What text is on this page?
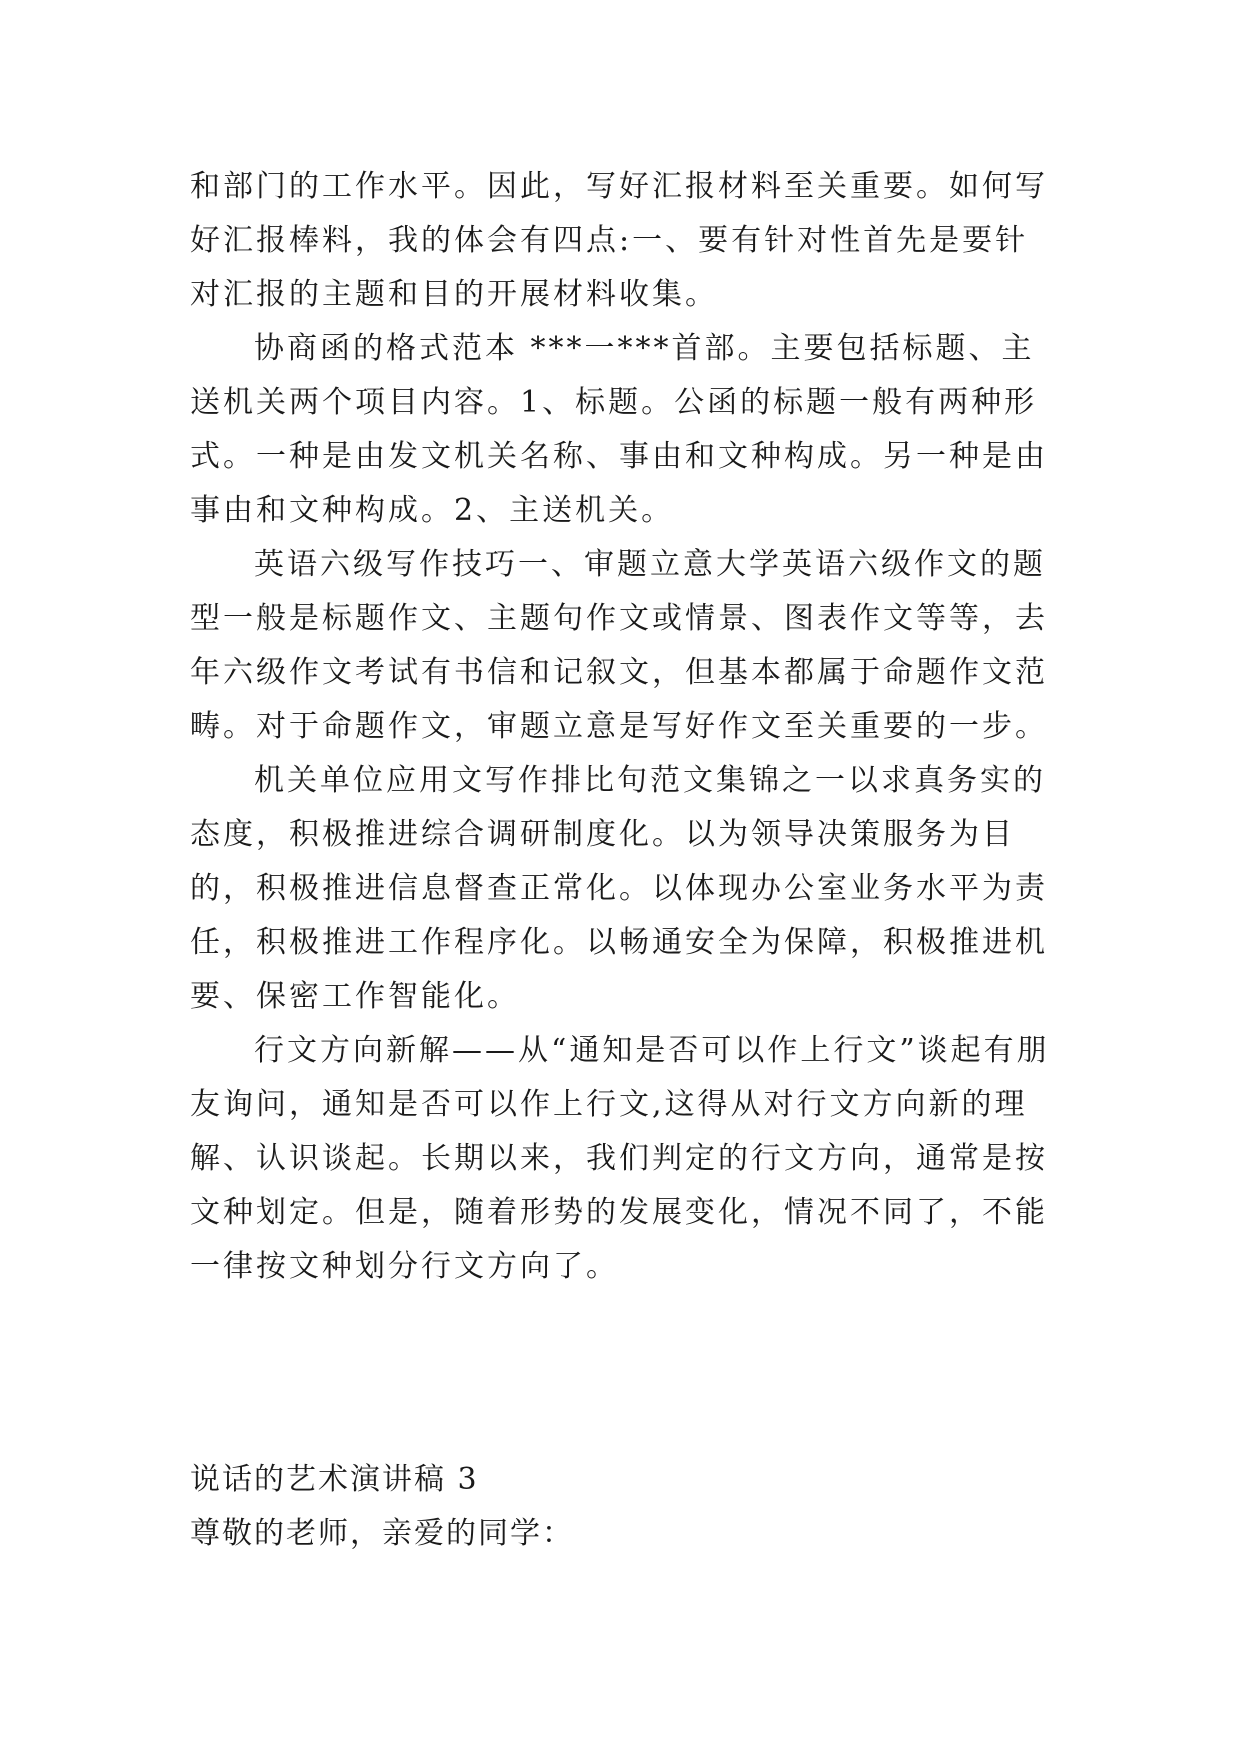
和部门的工作水平。因此，写好汇报材料至关重要。如何写好汇报棒料，我的体会有四点:一、要有针对性首先是要针对汇报的主题和目的开展材料收集。

协商函的格式范本 ***一***首部。主要包括标题、主送机关两个项目内容。1、标题。公函的标题一般有两种形式。一种是由发文机关名称、事由和文种构成。另一种是由事由和文种构成。2、主送机关。

英语六级写作技巧一、审题立意大学英语六级作文的题型一般是标题作文、主题句作文或情景、图表作文等等，去年六级作文考试有书信和记叙文，但基本都属于命题作文范畴。对于命题作文，审题立意是写好作文至关重要的一步。

机关单位应用文写作排比句范文集锦之一以求真务实的态度，积极推进综合调研制度化。以为领导决策服务为目的，积极推进信息督查正常化。以体现办公室业务水平为责任，积极推进工作程序化。以畅通安全为保障，积极推进机要、保密工作智能化。

行文方向新解——从“通知是否可以作上行文”谈起有朋友询问，通知是否可以作上行文,这得从对行文方向新的理解、认识谈起。长期以来，我们判定的行文方向，通常是按文种划定。但是，随着形势的发展变化，情况不同了，不能一律按文种划分行文方向了。

说话的艺术演讲稿 3

尊敬的老师，亲爱的同学：
